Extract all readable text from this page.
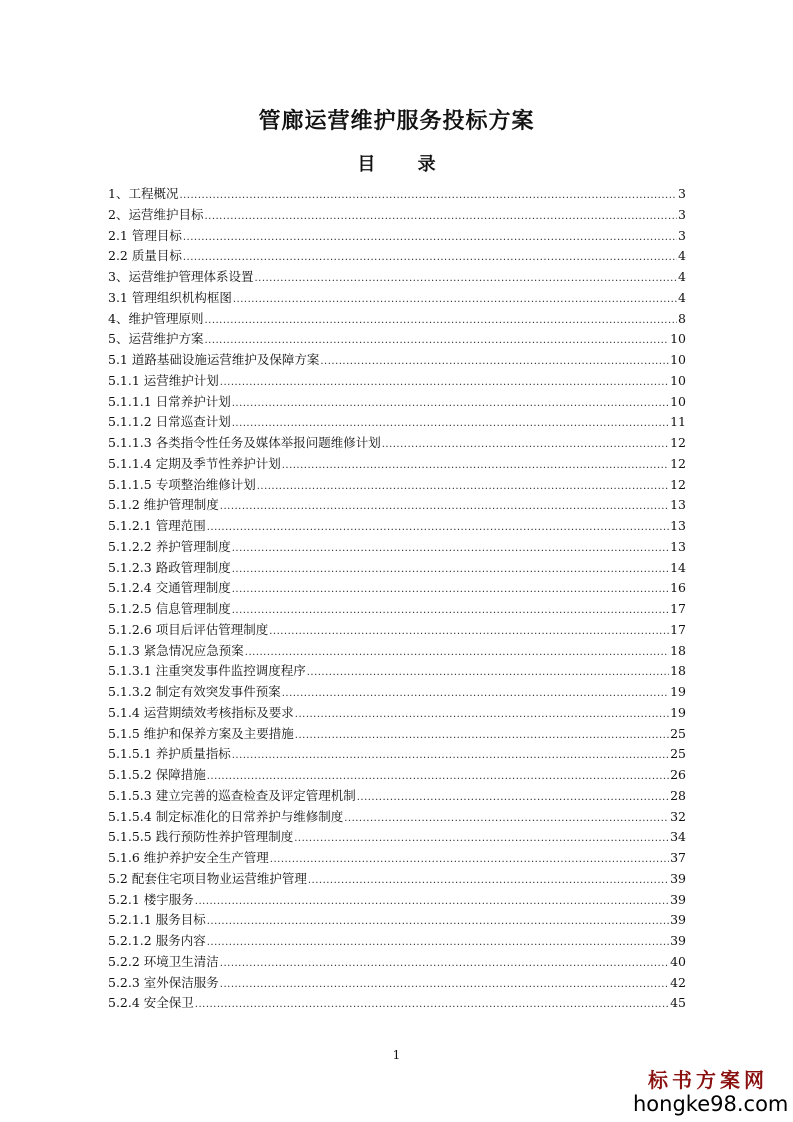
管廊运营维护服务投标方案
目 录
1、工程概况 .....	3
2、运营维护目标 .....	3
2.1 管理目标 .....	3
2.2 质量目标 .....	4
3、运营维护管理体系设置 .....	4
3.1 管理组织机构框图 .....	4
4、维护管理原则 .....	8
5、运营维护方案 .....	10
5.1 道路基础设施运营维护及保障方案 .....	10
5.1.1 运营维护计划 .....	10
5.1.1.1 日常养护计划 .....	10
5.1.1.2 日常巡查计划 .....	11
5.1.1.3 各类指令性任务及媒体举报问题维修计划 .....	12
5.1.1.4 定期及季节性养护计划 .....	12
5.1.1.5 专项整治维修计划 .....	12
5.1.2 维护管理制度 .....	13
5.1.2.1 管理范围 .....	13
5.1.2.2 养护管理制度 .....	13
5.1.2.3 路政管理制度 .....	14
5.1.2.4 交通管理制度 .....	16
5.1.2.5 信息管理制度 .....	17
5.1.2.6 项目后评估管理制度 .....	17
5.1.3 紧急情况应急预案 .....	18
5.1.3.1 注重突发事件监控调度程序 .....	18
5.1.3.2 制定有效突发事件预案 .....	19
5.1.4 运营期绩效考核指标及要求 .....	19
5.1.5 维护和保养方案及主要措施 .....	25
5.1.5.1 养护质量指标 .....	25
5.1.5.2 保障措施 .....	26
5.1.5.3 建立完善的巡查检查及评定管理机制 .....	28
5.1.5.4 制定标准化的日常养护与维修制度 .....	32
5.1.5.5 践行预防性养护管理制度 .....	34
5.1.6 维护养护安全生产管理 .....	37
5.2 配套住宅项目物业运营维护管理 .....	39
5.2.1 楼宇服务 .....	39
5.2.1.1 服务目标 .....	39
5.2.1.2 服务内容 .....	39
5.2.2 环境卫生清洁 .....	40
5.2.3 室外保洁服务 .....	42
5.2.4 安全保卫 .....	45
1
标书方案网
hongke98.com
